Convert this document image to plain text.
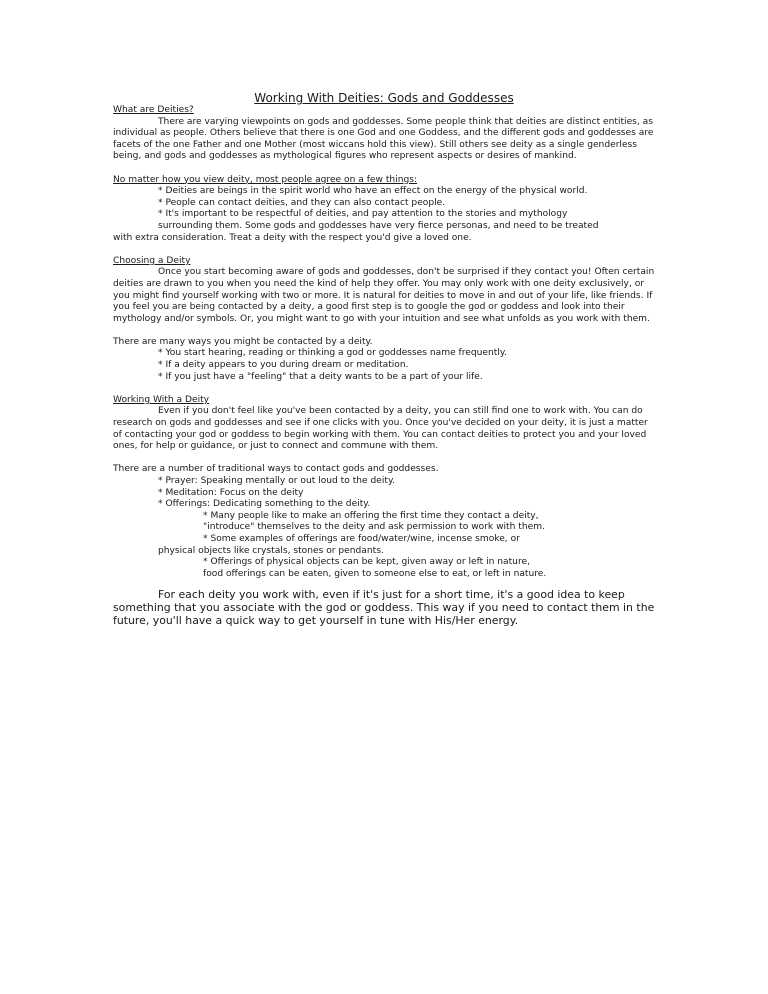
Working With Deities: Gods and Goddesses

What are Deities?

There are varying viewpoints on gods and goddesses. Some people think that deities are distinct entities, as individual as people. Others believe that there is one God and one Goddess, and the different gods and goddesses are facets of the one Father and one Mother (most wiccans hold this view). Still others see deity as a single genderless being, and gods and goddesses as mythological figures who represent aspects or desires of mankind.

No matter how you view deity, most people agree on a few things:

* Deities are beings in the spirit world who have an effect on the energy of the physical world.

* People can contact deities, and they can also contact people.

* It's important to be respectful of deities, and pay attention to the stories and mythology

surrounding them. Some gods and goddesses have very fierce personas, and need to be treated

with extra consideration. Treat a deity with the respect you'd give a loved one.

Choosing a Deity

Once you start becoming aware of gods and goddesses, don't be surprised if they contact you! Often certain deities are drawn to you when you need the kind of help they offer. You may only work with one deity exclusively, or you might find yourself working with two or more. It is natural for deities to move in and out of your life, like friends. If you feel you are being contacted by a deity, a good first step is to google the god or goddess and look into their mythology and/or symbols. Or, you might want to go with your intuition and see what unfolds as you work with them.

There are many ways you might be contacted by a deity.

* You start hearing, reading or thinking a god or goddesses name frequently.

* If a deity appears to you during dream or meditation.

* If you just have a "feeling" that a deity wants to be a part of your life.

Working With a Deity

Even if you don't feel like you've been contacted by a deity, you can still find one to work with. You can do research on gods and goddesses and see if one clicks with you. Once you've decided on your deity, it is just a matter of contacting your god or goddess to begin working with them. You can contact deities to protect you and your loved ones, for help or guidance, or just to connect and commune with them.

There are a number of traditional ways to contact gods and goddesses.

* Prayer: Speaking mentally or out loud to the deity.

* Meditation: Focus on the deity

* Offerings: Dedicating something to the deity.

* Many people like to make an offering the first time they contact a deity,

"introduce" themselves to the deity and ask permission to work with them.

* Some examples of offerings are food/water/wine, incense smoke, or

physical objects like crystals, stones or pendants.

* Offerings of physical objects can be kept, given away or left in nature,

food offerings can be eaten, given to someone else to eat, or left in nature.

For each deity you work with, even if it's just for a short time, it's a good idea to keep something that you associate with the god or goddess. This way if you need to contact them in the future, you'll have a quick way to get yourself in tune with His/Her energy.
